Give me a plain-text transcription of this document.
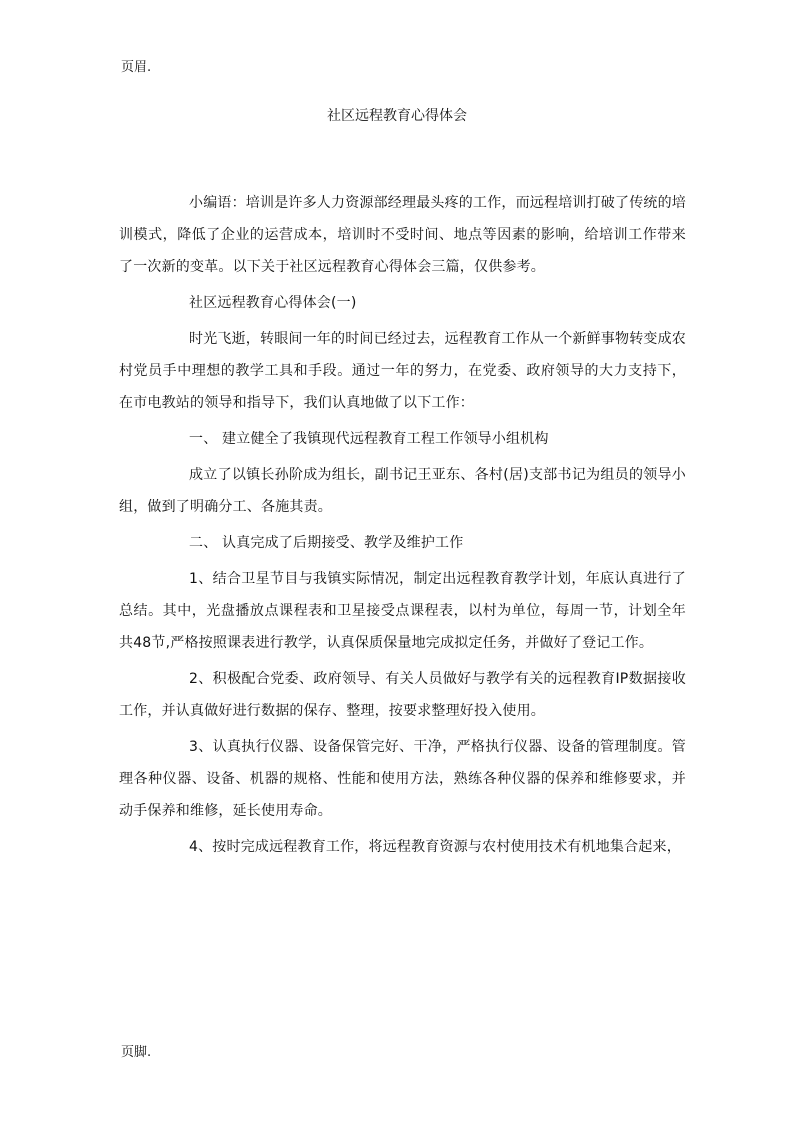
页眉.
社区远程教育心得体会

小编语：培训是许多人力资源部经理最头疼的工作，而远程培训打破了传统的培训模式，降低了企业的运营成本，培训时不受时间、地点等因素的影响，给培训工作带来了一次新的变革。以下关于社区远程教育心得体会三篇，仅供参考。

社区远程教育心得体会(一)

时光飞逝，转眼间一年的时间已经过去，远程教育工作从一个新鲜事物转变成农村党员手中理想的教学工具和手段。通过一年的努力，在党委、政府领导的大力支持下，在市电教站的领导和指导下，我们认真地做了以下工作：

一、 建立健全了我镇现代远程教育工程工作领导小组机构

成立了以镇长孙阶成为组长，副书记王亚东、各村(居)支部书记为组员的领导小组，做到了明确分工、各施其责。

二、 认真完成了后期接受、教学及维护工作

1、结合卫星节目与我镇实际情况，制定出远程教育教学计划，年底认真进行了总结。其中，光盘播放点课程表和卫星接受点课程表，以村为单位，每周一节，计划全年共48节,严格按照课表进行教学，认真保质保量地完成拟定任务，并做好了登记工作。

2、积极配合党委、政府领导、有关人员做好与教学有关的远程教育IP数据接收工作，并认真做好进行数据的保存、整理，按要求整理好投入使用。

3、认真执行仪器、设备保管完好、干净，严格执行仪器、设备的管理制度。管理各种仪器、设备、机器的规格、性能和使用方法，熟练各种仪器的保养和维修要求，并动手保养和维修，延长使用寿命。

4、按时完成远程教育工作，将远程教育资源与农村使用技术有机地集合起来，

页脚.
